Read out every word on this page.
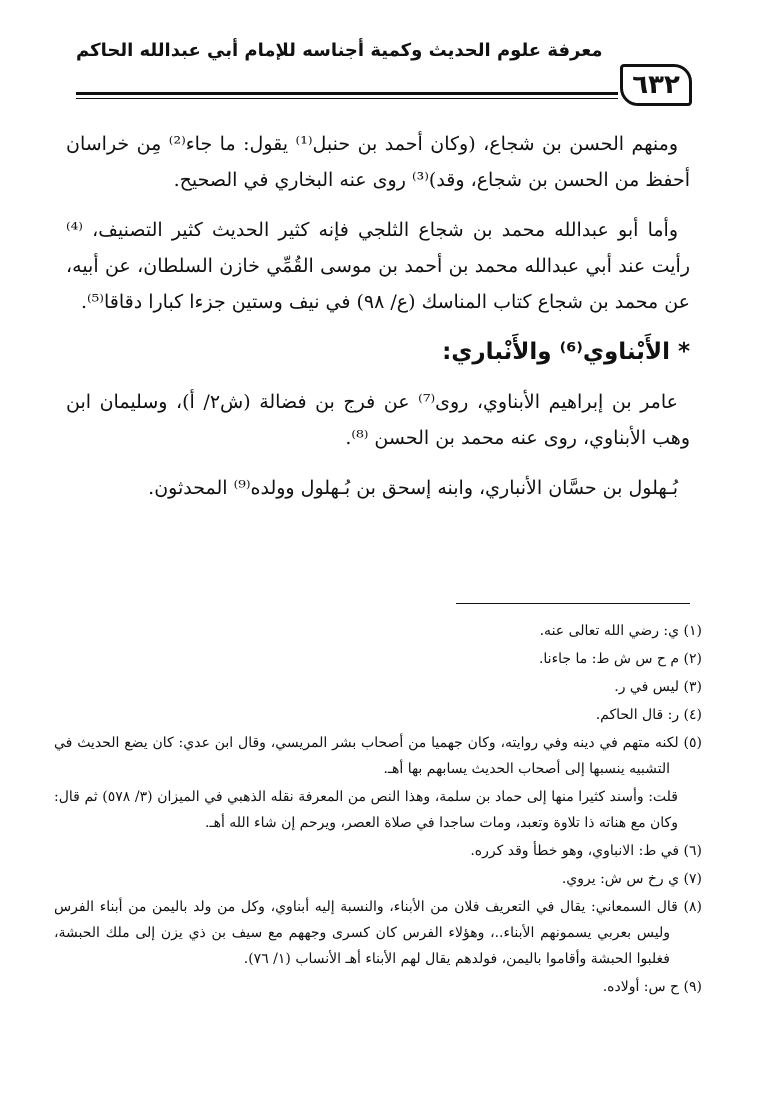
معرفة علوم الحديث وكمية أجناسه للإمام أبي عبدالله الحاكم
٦٣٢

ومنهم الحسن بن شجاع، (وكان أحمد بن حنبل⁽¹⁾ يقول: ما جاء⁽²⁾ مِن خراسان أحفظ من الحسن بن شجاع، وقد)⁽³⁾ روى عنه البخاري في الصحيح.

وأما أبو عبدالله محمد بن شجاع الثلجي فإنه كثير الحديث كثير التصنيف، ⁽⁴⁾رأيت عند أبي عبدالله محمد بن أحمد بن موسى القُمِّي خازن السلطان، عن أبيه، عن محمد بن شجاع كتاب المناسك (ع/ ٩٨) في نيف وستين جزءا كبارا دقاقا⁽⁵⁾.

* الأَبْناوي⁽⁶⁾ والأَنْباري:

عامر بن إبراهيم الأبناوي، روى⁽⁷⁾ عن فرج بن فضالة (ش٢/ أ)، وسليمان ابن وهب الأبناوي، روى عنه محمد بن الحسن ⁽⁸⁾.

بُـهلول بن حسَّان الأنباري، وابنه إسحق بن بُـهلول وولده⁽⁹⁾ المحدثون.

(١) ي: رضي الله تعالى عنه.

(٢) م ح س ش ط: ما جاءنا.

(٣) ليس في ر.

(٤) ر: قال الحاكم.

(٥) لكنه متهم في دينه وفي روايته، وكان جهميا من أصحاب بشر المريسي، وقال ابن عدي: كان يضع الحديث في التشبيه ينسبها إلى أصحاب الحديث يسابهم بها أهـ.

قلت: وأسند كثيرا منها إلى حماد بن سلمة، وهذا النص من المعرفة نقله الذهبي في الميزان (٣/ ٥٧٨) ثم قال: وكان مع هناته ذا تلاوة وتعبد، ومات ساجدا في صلاة العصر، ويرحم إن شاء الله أهـ.

(٦) في ط: الانباوي، وهو خطأ وقد كرره.

(٧) ي رخ س ش: يروي.

(٨) قال السمعاني: يقال في التعريف فلان من الأبناء، والنسبة إليه أبناوي، وكل من ولد باليمن من أبناء الفرس وليس بعربي يسمونهم الأبناء..، وهؤلاء الفرس كان كسرى وجههم مع سيف بن ذي يزن إلى ملك الحبشة، فغلبوا الحبشة وأقاموا باليمن، فولدهم يقال لهم الأبناء أهـ الأنساب (١/ ٧٦).

(٩) ح س: أولاده.
